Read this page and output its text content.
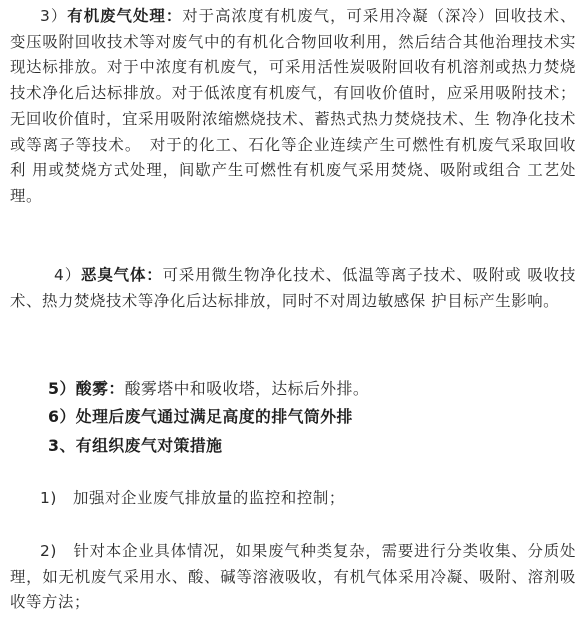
3）有机废气处理：对于高浓度有机废气，可采用冷凝（深冷）回收技术、变压吸附回收技术等对废气中的有机化合物回收利用，然后结合其他治理技术实现达标排放。对于中浓度有机废气，可采用活性炭吸附回收有机溶剂或热力焚烧技术净化后达标排放。对于低浓度有机废气，有回收价值时，应采用吸附技术；无回收价值时，宜采用吸附浓缩燃烧技术、蓄热式热力焚烧技术、生 物净化技术或等离子等技术。　对于的化工、石化等企业连续产生可燃性有机废气采取回收利 用或焚烧方式处理，间歇产生可燃性有机废气采用焚烧、吸附或组合 工艺处理。

4）恶臭气体：可采用微生物净化技术、低温等离子技术、吸附或 吸收技术、热力焚烧技术等净化后达标排放，同时不对周边敏感保 护目标产生影响。

5）酸雾：酸雾塔中和吸收塔，达标后外排。

6）处理后废气通过满足高度的排气筒外排

3、有组织废气对策措施

1)　加强对企业废气排放量的监控和控制；

2)　针对本企业具体情况，如果废气种类复杂，需要进行分类收集、分质处理，如无机废气采用水、酸、碱等溶液吸收，有机气体采用冷凝、吸附、溶剂吸收等方法；
